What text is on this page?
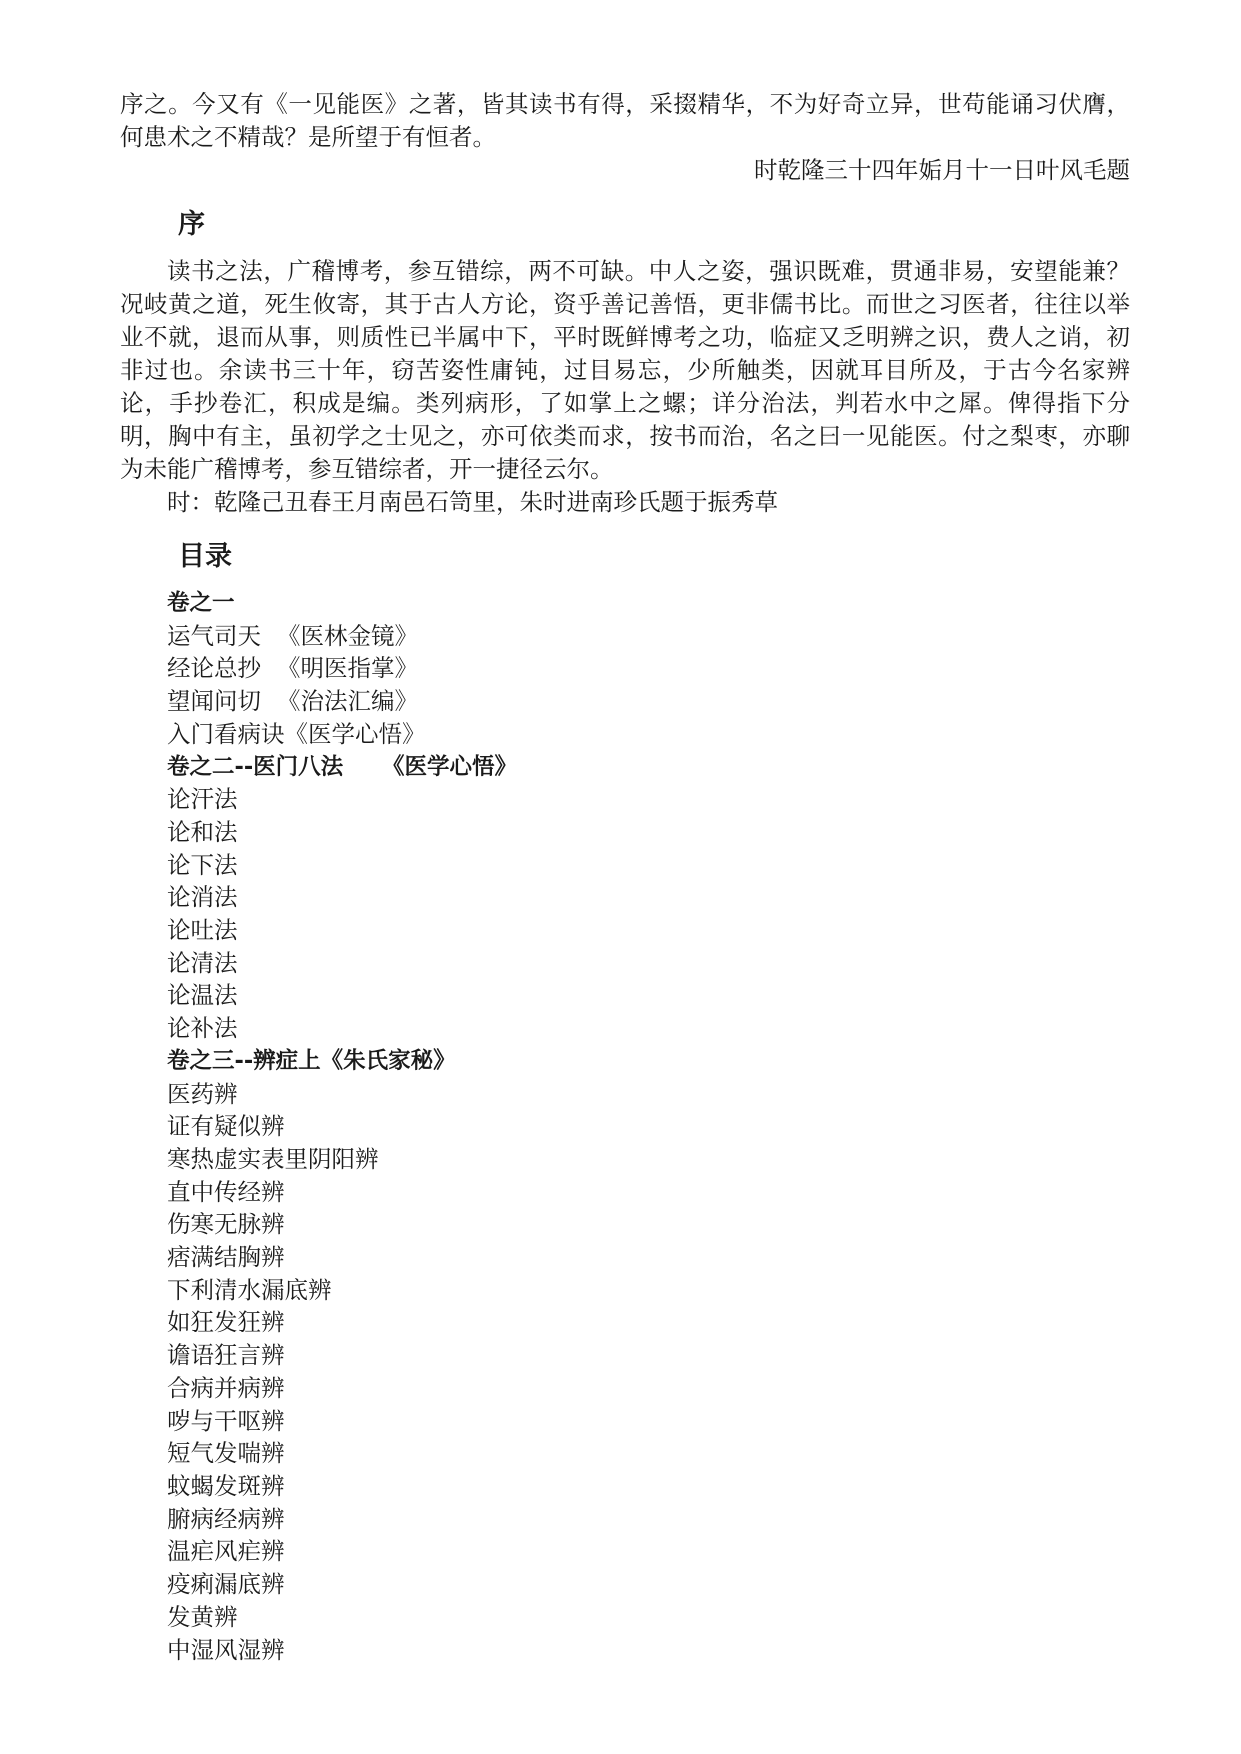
序之。今又有《一见能医》之著，皆其读书有得，采掇精华，不为好奇立异，世苟能诵习伏膺，何患术之不精哉？是所望于有恒者。

时乾隆三十四年姤月十一日叶风毛题

序

读书之法，广稽博考，参互错综，两不可缺。中人之姿，强识既难，贯通非易，安望能兼？况岐黄之道，死生攸寄，其于古人方论，资乎善记善悟，更非儒书比。而世之习医者，往往以举业不就，退而从事，则质性已半属中下，平时既鲜博考之功，临症又乏明辨之识，费人之诮，初非过也。余读书三十年，窃苦姿性庸钝，过目易忘，少所触类，因就耳目所及，于古今名家辨论，手抄卷汇，积成是编。类列病形，了如掌上之螺；详分治法，判若水中之犀。俾得指下分明，胸中有主，虽初学之士见之，亦可依类而求，按书而治，名之曰一见能医。付之梨枣，亦聊为未能广稽博考，参互错综者，开一捷径云尔。

时：乾隆己丑春王月南邑石笥里，朱时进南珍氏题于振秀草

目录
卷之一
运气司天 《医林金镜》
经论总抄 《明医指掌》
望闻问切 《治法汇编》
入门看病诀《医学心悟》
卷之二--医门八法 《医学心悟》
论汗法
论和法
论下法
论消法
论吐法
论清法
论温法
论补法
卷之三--辨症上《朱氏家秘》
医药辨
证有疑似辨
寒热虚实表里阴阳辨
直中传经辨
伤寒无脉辨
痞满结胸辨
下利清水漏底辨
如狂发狂辨
谵语狂言辨
合病并病辨
哕与干呕辨
短气发喘辨
蚊蝎发斑辨
腑病经病辨
温疟风疟辨
疫痢漏底辨
发黄辨
中湿风湿辨
